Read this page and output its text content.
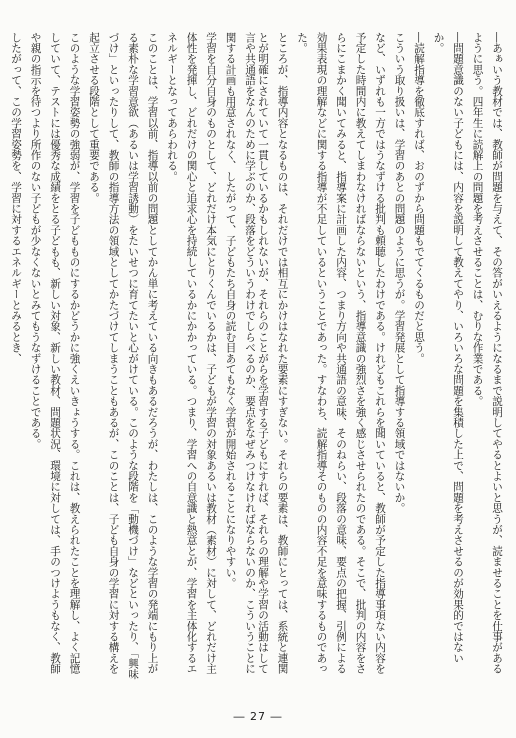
―あぁいう教材では、教師が問題を与えて、その答がいえるようになるまで説明してやるとよいと思うが、読ませることを仕事があるように思う。四年生に読解上の問題を考えさせることは、むりな作業である。

―問題意識のない子どもには、内容を説明して教えてやり、いろいろな問題を集積した上で、問題を考えさせるのが効果的ではないか。

―読解指導を徹底すれば、おのずから問題もでてくるものだと思う。

こういう取り扱いは、学習のあとの問題のように思うが。学習発展として指導する領域ではないか。

など、いずれも一方ではうなずける批判も頼聴したわけである。けれどもこれらを聞いていると、教師が予定した指導事項ない内容を予定した時間内に教えてしまわなければならないという、指導意識の強烈さを強く感じさせられたのである。そこで、批判の内容をさらにこまかく聞いてみると、指導案に計画した内容、つまり方向や共通語の意味、そのねらい、段落の意味、要点の把握、引例による効果表現の理解などに関する指導が不足しているということであった。すなわち、読解指導そのものの内容不足を意味するものであった。

ところが、指導内容となるものは、それだけでは相互にかけはなれた要素にすぎない。それらの要素は、教師にとっては、系統と連関とが明確にされていて一貫しているかもしれないが、それらのことがらを学習する子どもにすれば、それらの理解や学習の活動はして

言や共通語をなんのために学ぶのか、段落をどういうわけでしらべるのか、要点をなぜみつけなければならないのか、こういうことに関する計画も用意されなく、したがって、子どもたち自身の読む目あてもなく学習が開始されることになりやすい。

学習を自分自身のものとして、どれだけ本気にとりくんでいるかは、子どもが学習の対象あるいは教材（素材）に対して、どれだけ主体性を発揮し、どれだけの関心と追求心を持続しているかにかかっている。つまり、学習への自意識と熱意とが、学習を主体化するエネルギーとなってあらわれる。

このことは、学習以前、指導以前の問題としてかん単に考えている向きもあるだろうが、わたしは、このような学習の発端にもり上がる素朴な学習意欲（あるいは学習誘動）をたいせつに育てたいと心がけている。このような段階を「動機づけ」などといったり、「興味づけ」といったりして、教師の指導方法の領域としてかたづけてしまうこともあるが、このことは、子ども自身の学習に対する構えを起立させる段階として重要である。

このような学習姿勢の強弱が、学習を子どもものにするかどうかに強くえいきょうする。これは、教えられたことを理解し、よく記憶していて、テストには優秀な成績をとる子どもも、新しい対象、新しい教材、問題状況、環境に対しては、手のつけようもなく、教師や親の指示を待つより所作のない子どもが少なくないとみてもうなずけることである。

したがって、この学習姿勢を、学習に対するエネルギーとみるとき、

― 27 ―
